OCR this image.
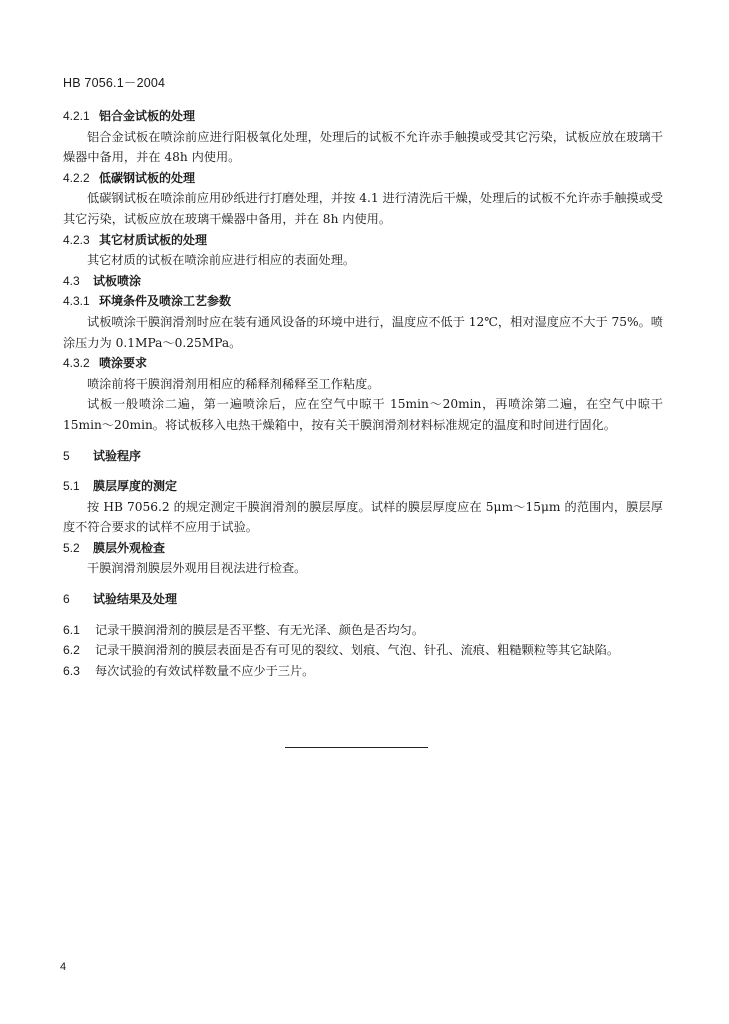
HB 7056.1－2004
4.2.1 铝合金试板的处理
铝合金试板在喷涂前应进行阳极氧化处理，处理后的试板不允许赤手触摸或受其它污染，试板应放在玻璃干燥器中备用，并在 48h 内使用。
4.2.2 低碳钢试板的处理
低碳钢试板在喷涂前应用砂纸进行打磨处理，并按 4.1 进行清洗后干燥，处理后的试板不允许赤手触摸或受其它污染，试板应放在玻璃干燥器中备用，并在 8h 内使用。
4.2.3 其它材质试板的处理
其它材质的试板在喷涂前应进行相应的表面处理。
4.3 试板喷涂
4.3.1 环境条件及喷涂工艺参数
试板喷涂干膜润滑剂时应在装有通风设备的环境中进行，温度应不低于 12℃，相对湿度应不大于 75%。喷涂压力为 0.1MPa～0.25MPa。
4.3.2 喷涂要求
喷涂前将干膜润滑剂用相应的稀释剂稀释至工作粘度。
试板一般喷涂二遍，第一遍喷涂后，应在空气中晾干 15min～20min，再喷涂第二遍，在空气中晾干 15min～20min。将试板移入电热干燥箱中，按有关干膜润滑剂材料标准规定的温度和时间进行固化。
5 试验程序
5.1 膜层厚度的测定
按 HB 7056.2 的规定测定干膜润滑剂的膜层厚度。试样的膜层厚度应在 5μm～15μm 的范围内，膜层厚度不符合要求的试样不应用于试验。
5.2 膜层外观检查
干膜润滑剂膜层外观用目视法进行检查。
6 试验结果及处理
6.1 记录干膜润滑剂的膜层是否平整、有无光泽、颜色是否均匀。
6.2 记录干膜润滑剂的膜层表面是否有可见的裂纹、划痕、气泡、针孔、流痕、粗糙颗粒等其它缺陷。
6.3 每次试验的有效试样数量不应少于三片。
4
